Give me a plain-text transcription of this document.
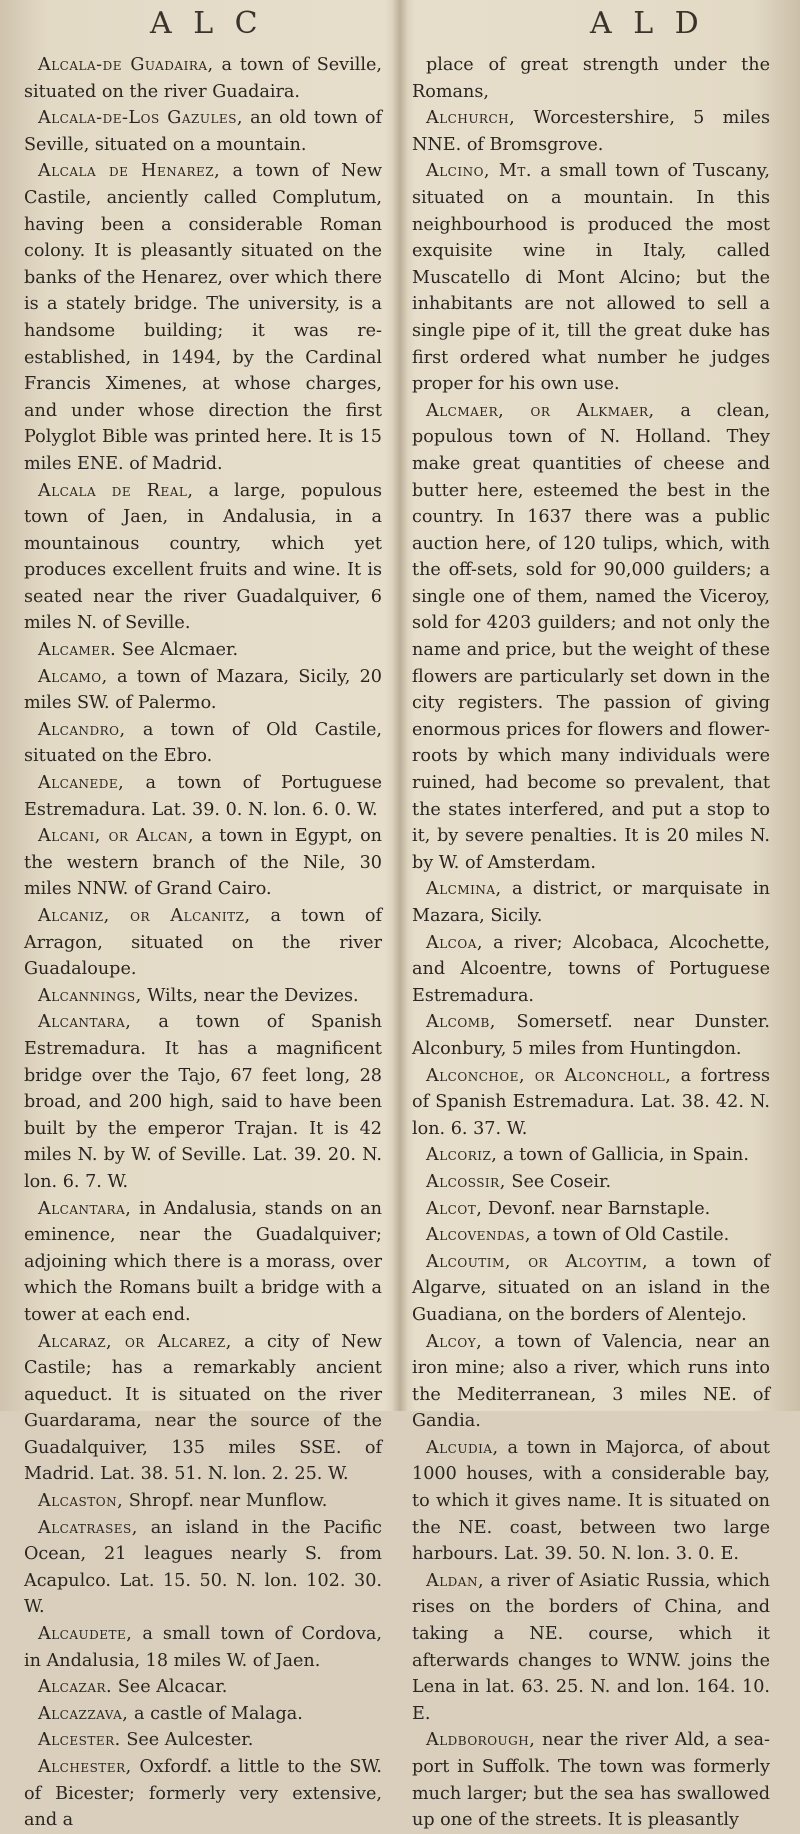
A L C	A L D

Alcala-de Guadaira, a town of Seville, situated on the river Guadaira.

Alcala-de-Los Gazules, an old town of Seville, situated on a mountain.

Alcala de Henarez, a town of New Castile, anciently called Complutum, having been a considerable Roman colony. It is pleasantly situated on the banks of the Henarez, over which there is a stately bridge. The university, is a handsome building; it was re-established, in 1494, by the Cardinal Francis Ximenes, at whose charges, and under whose direction the first Polyglot Bible was printed here. It is 15 miles ENE. of Madrid.

Alcala de Real, a large, populous town of Jaen, in Andalusia, in a mountainous country, which yet produces excellent fruits and wine. It is seated near the river Guadalquiver, 6 miles N. of Seville.

Alcamer. See Alcmaer.

Alcamo, a town of Mazara, Sicily, 20 miles SW. of Palermo.

Alcandro, a town of Old Castile, situated on the Ebro.

Alcanede, a town of Portuguese Estremadura. Lat. 39. 0. N. lon. 6. 0. W.

Alcani, or Alcan, a town in Egypt, on the western branch of the Nile, 30 miles NNW. of Grand Cairo.

Alcaniz, or Alcanitz, a town of Arragon, situated on the river Guadaloupe.

Alcannings, Wilts, near the Devizes.

Alcantara, a town of Spanish Estremadura. It has a magnificent bridge over the Tajo, 67 feet long, 28 broad, and 200 high, said to have been built by the emperor Trajan. It is 42 miles N. by W. of Seville. Lat. 39. 20. N. lon. 6. 7. W.

Alcantara, in Andalusia, stands on an eminence, near the Guadalquiver; adjoining which there is a morass, over which the Romans built a bridge with a tower at each end.

Alcaraz, or Alcarez, a city of New Castile; has a remarkably ancient aqueduct. It is situated on the river Guardarama, near the source of the Guadalquiver, 135 miles SSE. of Madrid. Lat. 38. 51. N. lon. 2. 25. W.

Alcaston, Shropf. near Munflow.

Alcatrases, an island in the Pacific Ocean, 21 leagues nearly S. from Acapulco. Lat. 15. 50. N. lon. 102. 30. W.

Alcaudete, a small town of Cordova, in Andalusia, 18 miles W. of Jaen.

Alcazar. See Alcacar.

Alcazzava, a castle of Malaga.

Alcester. See Aulcester.

Alchester, Oxfordf. a little to the SW. of Bicester; formerly very extensive, and a

place of great strength under the Romans,

Alchurch, Worcestershire, 5 miles NNE. of Bromsgrove.

Alcino, Mt. a small town of Tuscany, situated on a mountain. In this neighbourhood is produced the most exquisite wine in Italy, called Muscatello di Mont Alcino; but the inhabitants are not allowed to sell a single pipe of it, till the great duke has first ordered what number he judges proper for his own use.

Alcmaer, or Alkmaer, a clean, populous town of N. Holland. They make great quantities of cheese and butter here, esteemed the best in the country. In 1637 there was a public auction here, of 120 tulips, which, with the off-sets, sold for 90,000 guilders; a single one of them, named the Viceroy, sold for 4203 guilders; and not only the name and price, but the weight of these flowers are particularly set down in the city registers. The passion of giving enormous prices for flowers and flower-roots by which many individuals were ruined, had become so prevalent, that the states interfered, and put a stop to it, by severe penalties. It is 20 miles N. by W. of Amsterdam.

Alcmina, a district, or marquisate in Mazara, Sicily.

Alcoa, a river; Alcobaca, Alcochette, and Alcoentre, towns of Portuguese Estremadura.

Alcomb, Somersetf. near Dunster. Alconbury, 5 miles from Huntingdon.

Alconchoe, or Alconcholl, a fortress of Spanish Estremadura. Lat. 38. 42. N. lon. 6. 37. W.

Alcoriz, a town of Gallicia, in Spain.

Alcossir, See Coseir.

Alcot, Devonf. near Barnstaple.

Alcovendas, a town of Old Castile.

Alcoutim, or Alcoytim, a town of Algarve, situated on an island in the Guadiana, on the borders of Alentejo.

Alcoy, a town of Valencia, near an iron mine; also a river, which runs into the Mediterranean, 3 miles NE. of Gandia.

Alcudia, a town in Majorca, of about 1000 houses, with a considerable bay, to which it gives name. It is situated on the NE. coast, between two large harbours. Lat. 39. 50. N. lon. 3. 0. E.

Aldan, a river of Asiatic Russia, which rises on the borders of China, and taking a NE. course, which it afterwards changes to WNW. joins the Lena in lat. 63. 25. N. and lon. 164. 10. E.

Aldborough, near the river Ald, a sea-port in Suffolk. The town was formerly much larger; but the sea has swallowed up one of the streets. It is pleasantly
